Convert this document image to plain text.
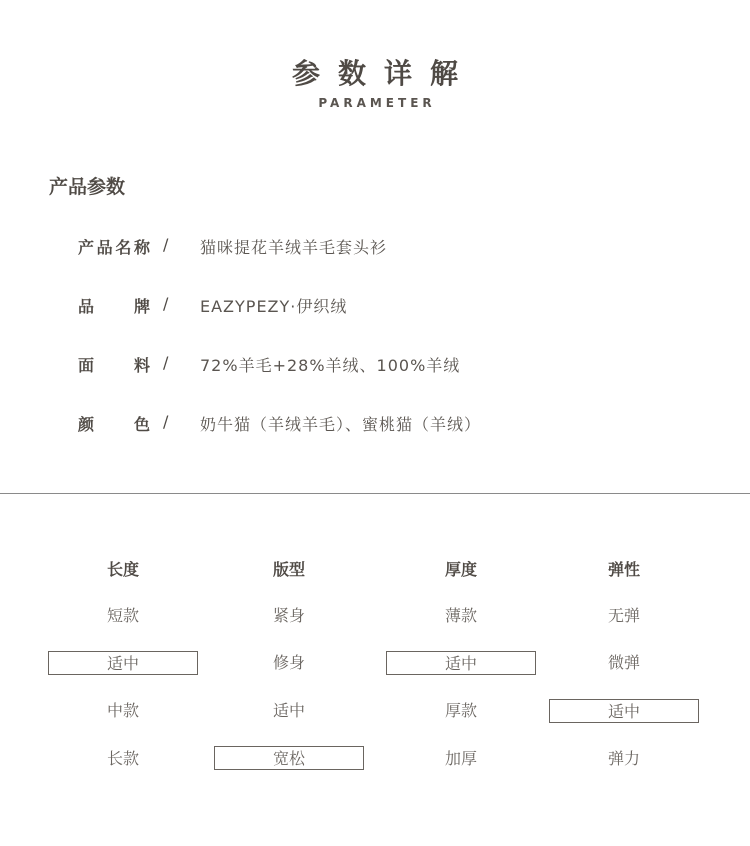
参数详解
PARAMETER
产品参数
产品名称 / 猫咪提花羊绒羊毛套头衫
品牌 / EAZYPEZY·伊织绒
面料 / 72%羊毛+28%羊绒、100%羊绒
颜色 / 奶牛猫（羊绒羊毛）、蜜桃猫（羊绒）
长度
短款
适中
中款
长款
版型
紧身
修身
适中
宽松
厚度
薄款
适中
厚款
加厚
弹性
无弹
微弹
适中
弹力
